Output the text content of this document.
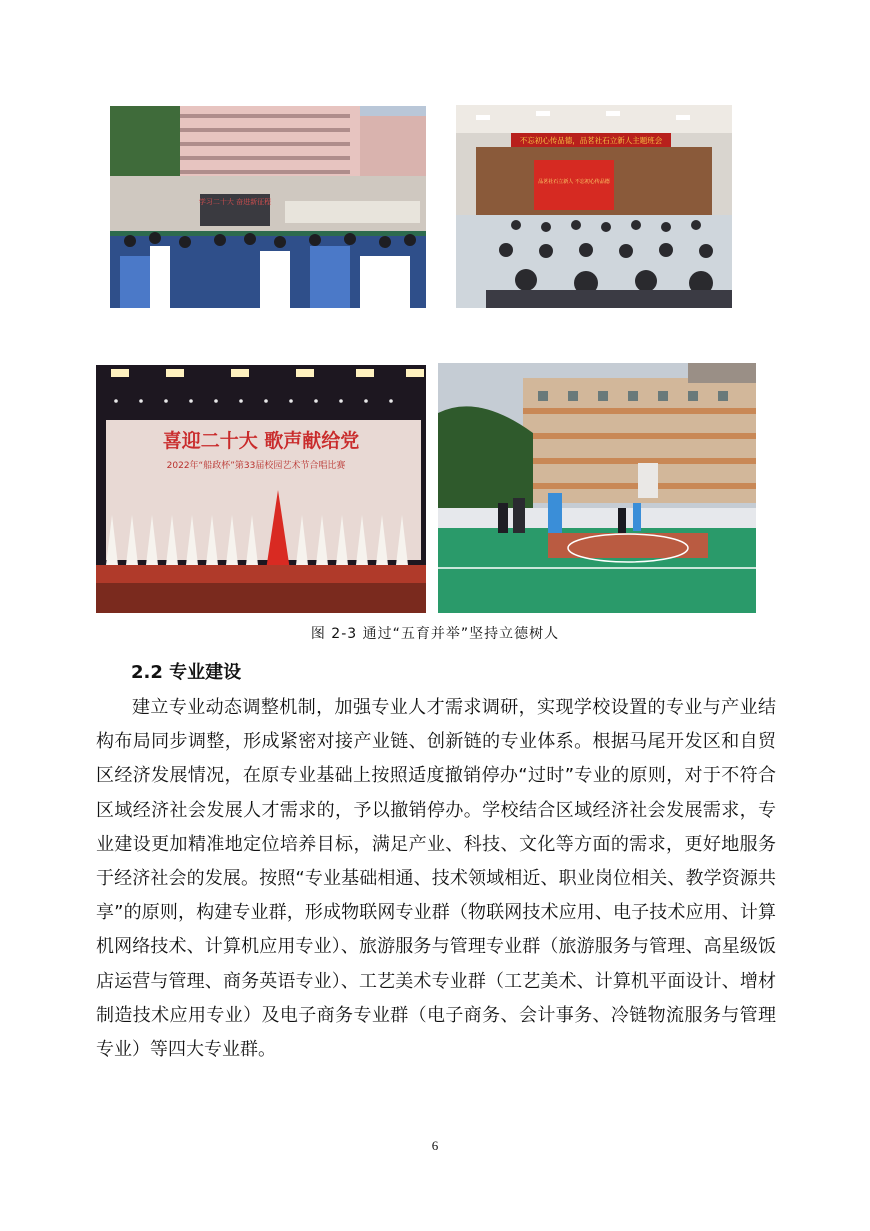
学习二十大 奋进新征程
不忘初心传品德，品茗社石立新人主题班会
品茗社石立新人 不忘初心传品德
喜迎二十大 歌声献给党
2022年“船政杯”第33届校园艺术节合唱比赛
图 2-3 通过“五育并举”坚持立德树人
2.2 专业建设

建立专业动态调整机制，加强专业人才需求调研，实现学校设置的专业与产业结构布局同步调整，形成紧密对接产业链、创新链的专业体系。根据马尾开发区和自贸区经济发展情况，在原专业基础上按照适度撤销停办“过时”专业的原则，对于不符合区域经济社会发展人才需求的，予以撤销停办。学校结合区域经济社会发展需求，专业建设更加精准地定位培养目标，满足产业、科技、文化等方面的需求，更好地服务于经济社会的发展。按照“专业基础相通、技术领域相近、职业岗位相关、教学资源共享”的原则，构建专业群，形成物联网专业群（物联网技术应用、电子技术应用、计算机网络技术、计算机应用专业）、旅游服务与管理专业群（旅游服务与管理、高星级饭店运营与管理、商务英语专业）、工艺美术专业群（工艺美术、计算机平面设计、增材制造技术应用专业）及电子商务专业群（电子商务、会计事务、冷链物流服务与管理专业）等四大专业群。

6
